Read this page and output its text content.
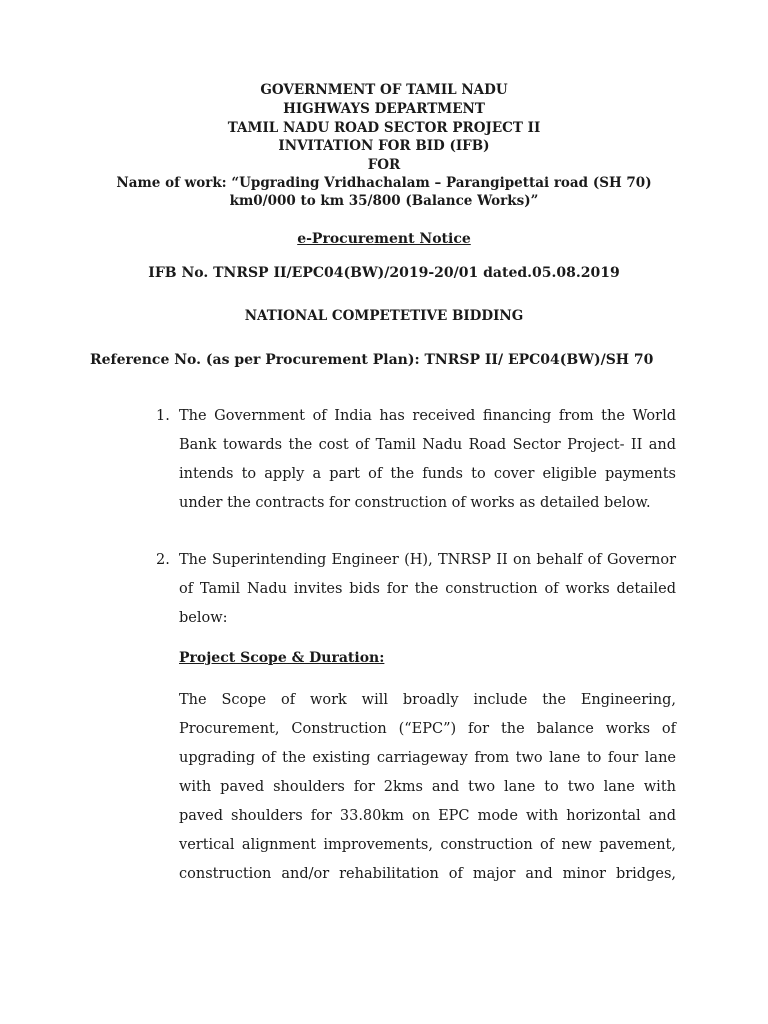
GOVERNMENT OF TAMIL NADU
HIGHWAYS DEPARTMENT
TAMIL NADU ROAD SECTOR PROJECT II
INVITATION FOR BID (IFB)
FOR
Name of work: “Upgrading Vridhachalam – Parangipettai road (SH 70)
km0/000 to km 35/800 (Balance Works)”
e-Procurement Notice
IFB No. TNRSP II/EPC04(BW)/2019-20/01 dated.05.08.2019
NATIONAL COMPETETIVE BIDDING
Reference No. (as per Procurement Plan): TNRSP II/ EPC04(BW)/SH 70
1. The Government of India has received financing from the World
Bank towards the cost of Tamil Nadu Road Sector Project- II and
intends to apply a part of the funds to cover eligible payments
under the contracts for construction of works as detailed below.
2. The Superintending Engineer (H), TNRSP II on behalf of Governor
of Tamil Nadu invites bids for the construction of works detailed
below:
Project Scope & Duration:
The Scope of work will broadly include the Engineering,
Procurement, Construction (“EPC”) for the balance works of
upgrading of the existing carriageway from two lane to four lane
with paved shoulders for 2kms and two lane to two lane with
paved shoulders for 33.80km on EPC mode with horizontal and
vertical alignment improvements, construction of new pavement,
construction and/or rehabilitation of major and minor bridges,
